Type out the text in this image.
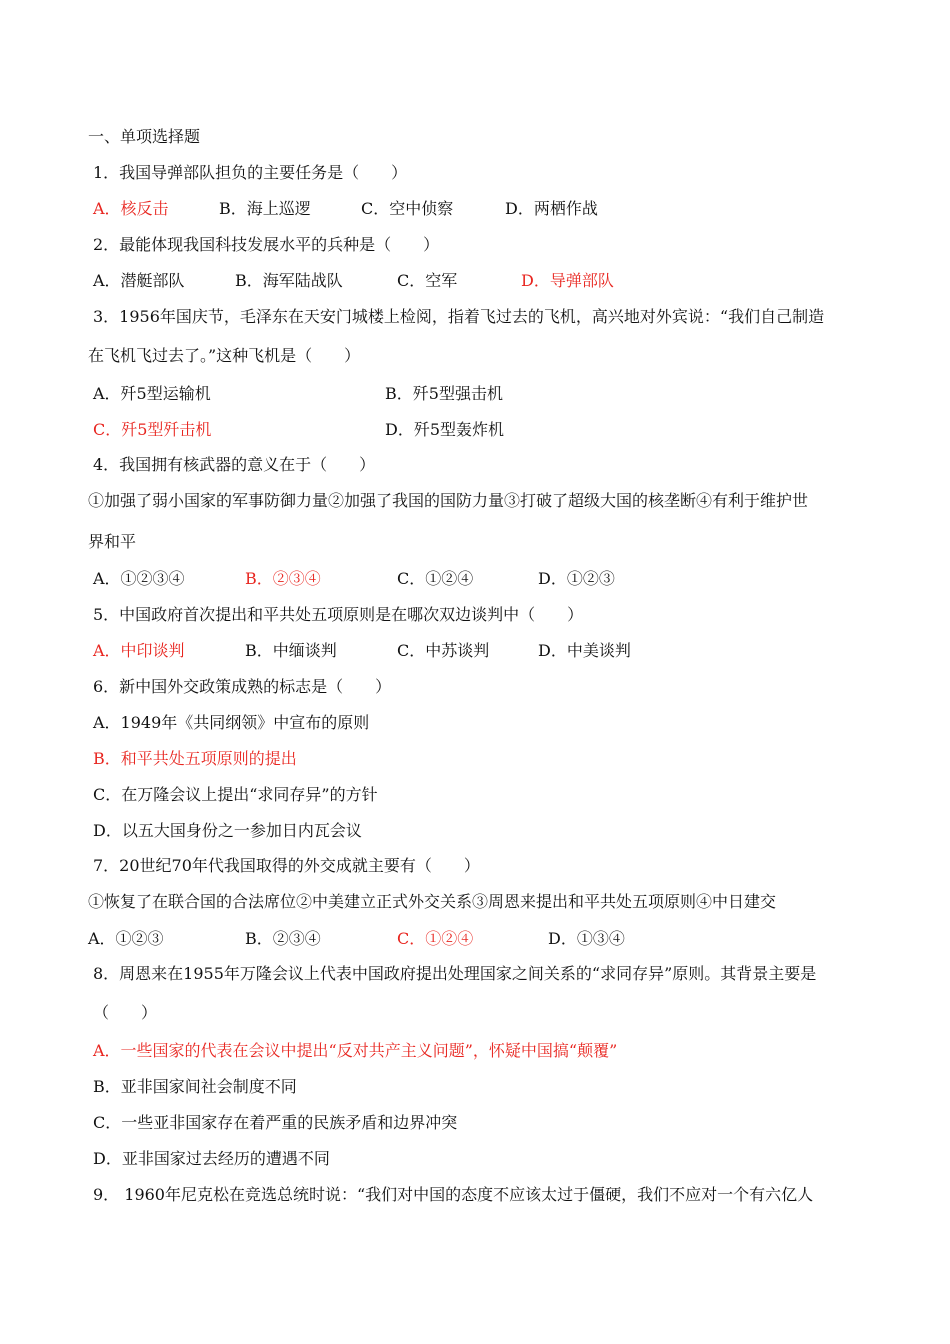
一、单项选择题
1．我国导弹部队担负的主要任务是（　　）
A．核反击	B．海上巡逻	C．空中侦察	D．两栖作战
2．最能体现我国科技发展水平的兵种是（　　）
A．潜艇部队	B．海军陆战队	C．空军	D．导弹部队
3．1956年国庆节，毛泽东在天安门城楼上检阅，指着飞过去的飞机，高兴地对外宾说：“我们自己制造
在飞机飞过去了。”这种飞机是（　　）
A．歼5型运输机	B．歼5型强击机
C．歼5型歼击机	D．歼5型轰炸机
4．我国拥有核武器的意义在于（　　）
①加强了弱小国家的军事防御力量②加强了我国的国防力量③打破了超级大国的核垄断④有利于维护世
界和平
A．①②③④	B．②③④	C．①②④	D．①②③
5．中国政府首次提出和平共处五项原则是在哪次双边谈判中（　　）
A．中印谈判	B．中缅谈判	C．中苏谈判	D．中美谈判
6．新中国外交政策成熟的标志是（　　）
A．1949年《共同纲领》中宣布的原则
B．和平共处五项原则的提出
C．在万隆会议上提出“求同存异”的方针
D．以五大国身份之一参加日内瓦会议
7．20世纪70年代我国取得的外交成就主要有（　　）
①恢复了在联合国的合法席位②中美建立正式外交关系③周恩来提出和平共处五项原则④中日建交
A．①②③	B．②③④	C．①②④	D．①③④
8．周恩来在1955年万隆会议上代表中国政府提出处理国家之间关系的“求同存异”原则。其背景主要是
（　　）
A．一些国家的代表在会议中提出“反对共产主义问题”，怀疑中国搞“颠覆”
B．亚非国家间社会制度不同
C．一些亚非国家存在着严重的民族矛盾和边界冲突
D．亚非国家过去经历的遭遇不同
9． 1960年尼克松在竞选总统时说：“我们对中国的态度不应该太过于僵硬，我们不应对一个有六亿人
